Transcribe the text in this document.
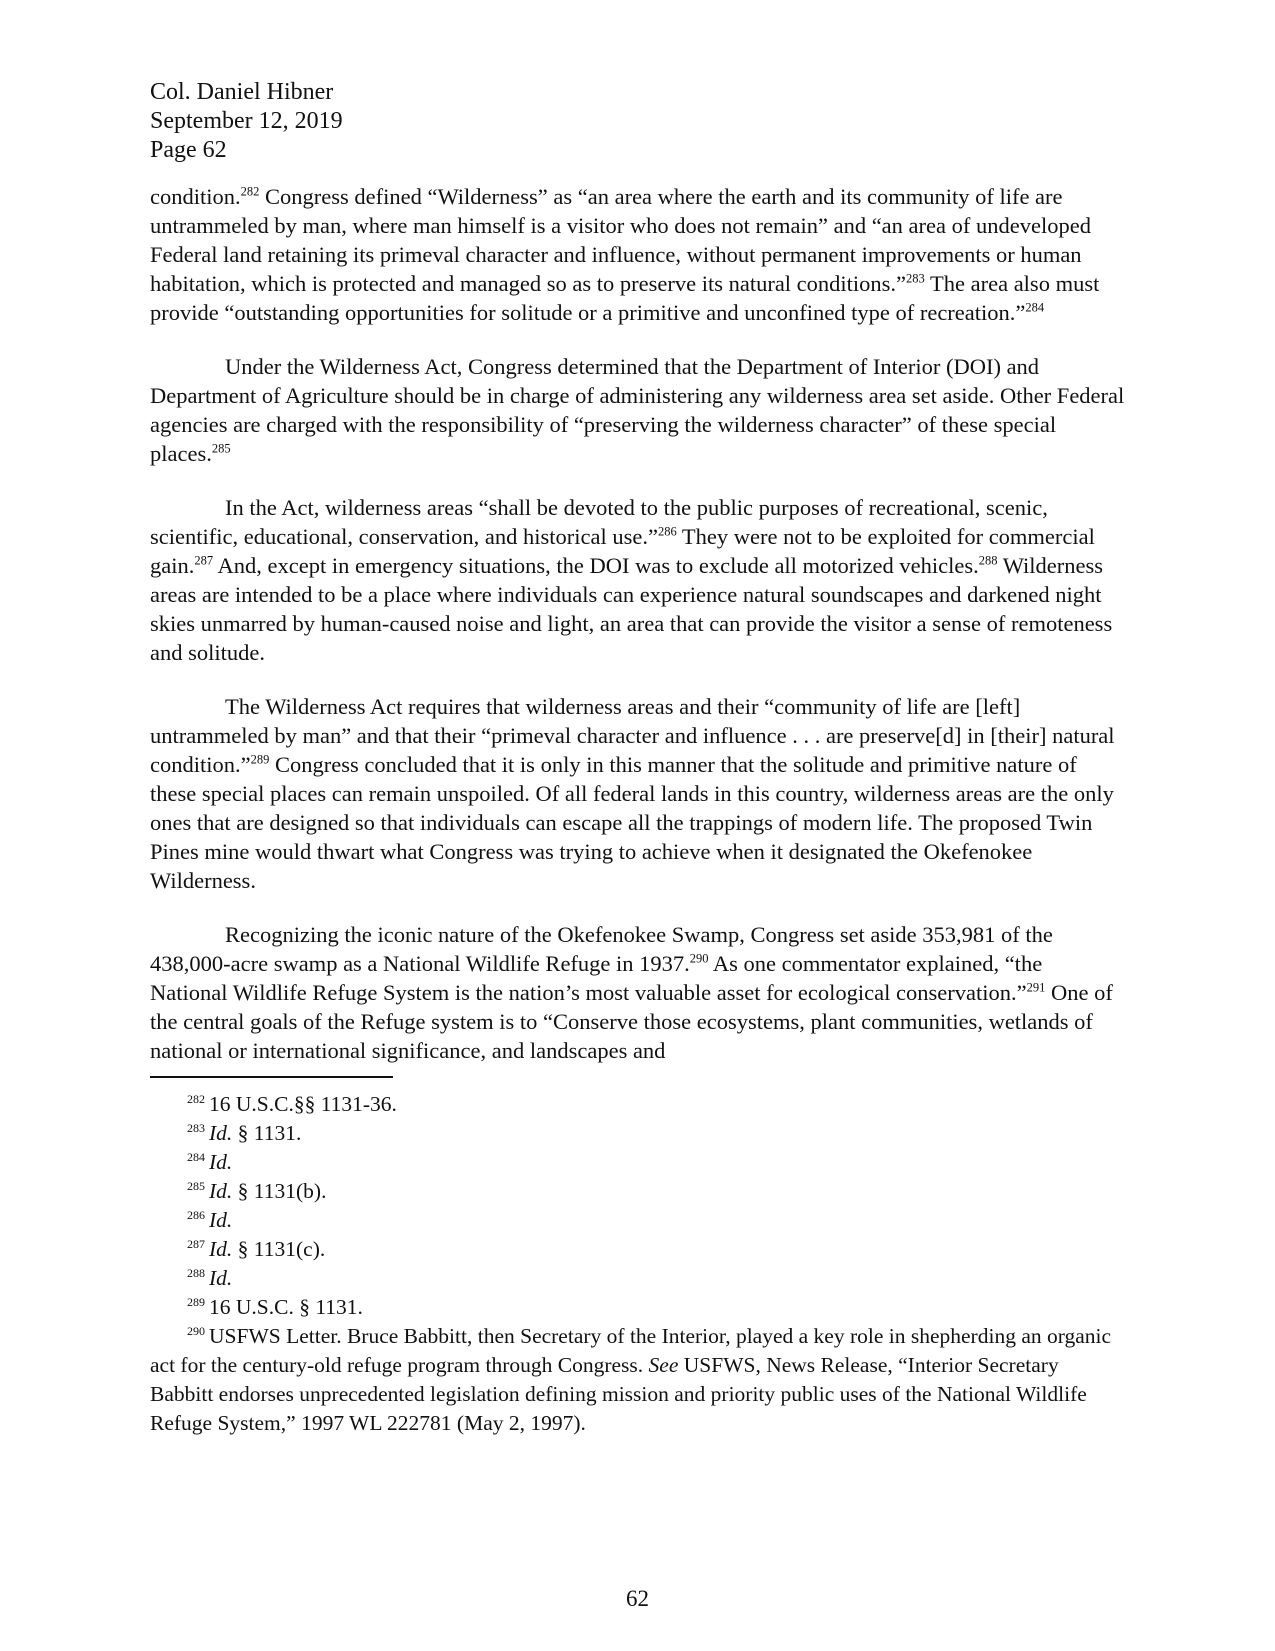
Col. Daniel Hibner

September 12, 2019

Page 62

condition.$^{282}$ Congress defined “Wilderness” as “an area where the earth and its community of life are untrammeled by man, where man himself is a visitor who does not remain” and “an area of undeveloped Federal land retaining its primeval character and influence, without permanent improvements or human habitation, which is protected and managed so as to preserve its natural conditions.”$^{283}$ The area also must provide “outstanding opportunities for solitude or a primitive and unconfined type of recreation.”$^{284}$

Under the Wilderness Act, Congress determined that the Department of Interior (DOI) and Department of Agriculture should be in charge of administering any wilderness area set aside. Other Federal agencies are charged with the responsibility of “preserving the wilderness character” of these special places.$^{285}$

In the Act, wilderness areas “shall be devoted to the public purposes of recreational, scenic, scientific, educational, conservation, and historical use.”$^{286}$ They were not to be exploited for commercial gain.$^{287}$ And, except in emergency situations, the DOI was to exclude all motorized vehicles.$^{288}$ Wilderness areas are intended to be a place where individuals can experience natural soundscapes and darkened night skies unmarred by human-caused noise and light, an area that can provide the visitor a sense of remoteness and solitude.

The Wilderness Act requires that wilderness areas and their “community of life are [left] untrammeled by man” and that their “primeval character and influence . . . are preserve[d] in [their] natural condition.”$^{289}$ Congress concluded that it is only in this manner that the solitude and primitive nature of these special places can remain unspoiled. Of all federal lands in this country, wilderness areas are the only ones that are designed so that individuals can escape all the trappings of modern life. The proposed Twin Pines mine would thwart what Congress was trying to achieve when it designated the Okefenokee Wilderness.

Recognizing the iconic nature of the Okefenokee Swamp, Congress set aside 353,981 of the 438,000-acre swamp as a National Wildlife Refuge in 1937.$^{290}$ As one commentator explained, “the National Wildlife Refuge System is the nation’s most valuable asset for ecological conservation.”$^{291}$ One of the central goals of the Refuge system is to “Conserve those ecosystems, plant communities, wetlands of national or international significance, and landscapes and

$^{282}$ 16 U.S.C.§§ 1131-36.

$^{283}$ Id. § 1131.

$^{284}$ Id.

$^{285}$ Id. § 1131(b).

$^{286}$ Id.

$^{287}$ Id. § 1131(c).

$^{288}$ Id.

$^{289}$ 16 U.S.C. § 1131.

$^{290}$ USFWS Letter. Bruce Babbitt, then Secretary of the Interior, played a key role in shepherding an organic act for the century-old refuge program through Congress. See USFWS, News Release, “Interior Secretary Babbitt endorses unprecedented legislation defining mission and priority public uses of the National Wildlife Refuge System,” 1997 WL 222781 (May 2, 1997).

62
